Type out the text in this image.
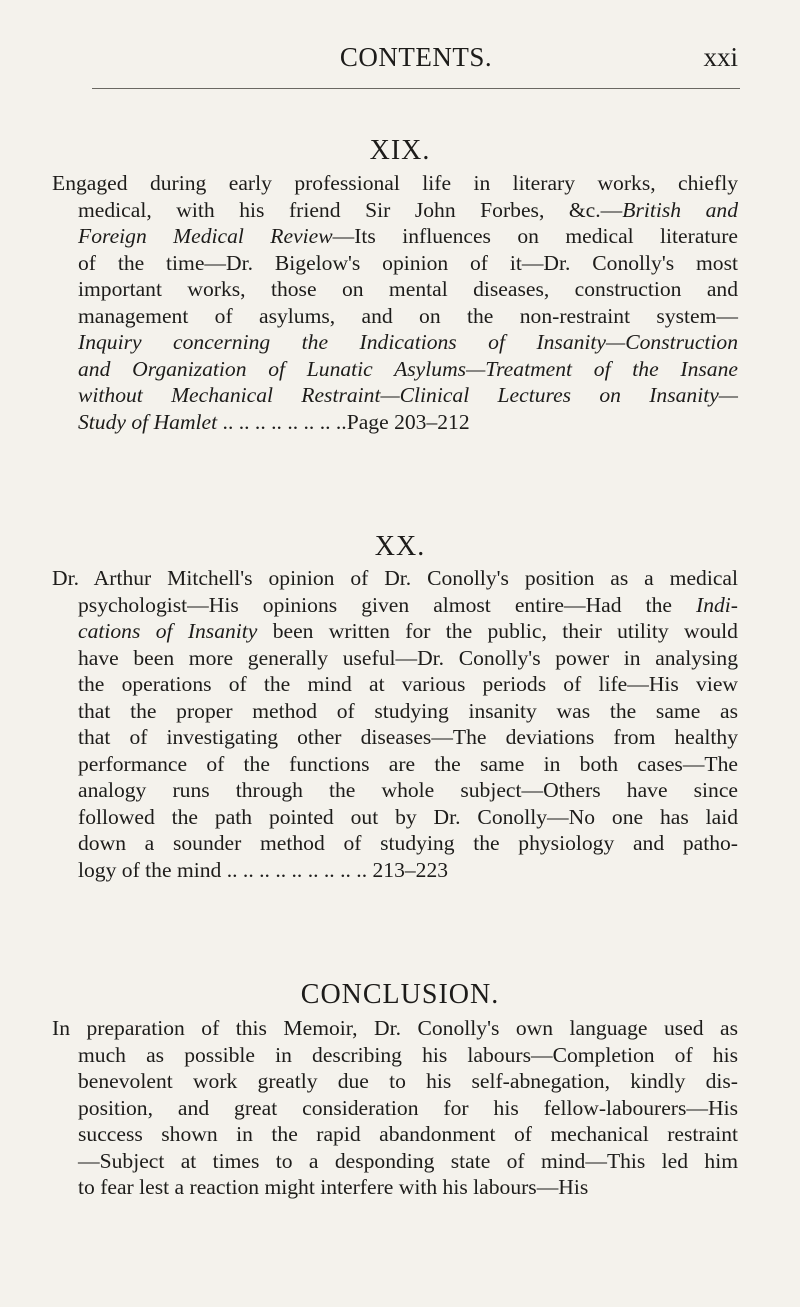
CONTENTS.	xxi
XIX.
Engaged during early professional life in literary works, chiefly
medical, with his friend Sir John Forbes, &c.—British and
Foreign Medical Review—Its influences on medical literature
of the time—Dr. Bigelow's opinion of it—Dr. Conolly's most
important works, those on mental diseases, construction and
management of asylums, and on the non-restraint system—
Inquiry concerning the Indications of Insanity—Construction
and Organization of Lunatic Asylums—Treatment of the Insane
without Mechanical Restraint—Clinical Lectures on Insanity—
Study of Hamlet .. .. .. .. .. .. .. ..Page 203–212
XX.
Dr. Arthur Mitchell's opinion of Dr. Conolly's position as a medical
psychologist—His opinions given almost entire—Had the Indi-
cations of Insanity been written for the public, their utility would
have been more generally useful—Dr. Conolly's power in analysing
the operations of the mind at various periods of life—His view
that the proper method of studying insanity was the same as
that of investigating other diseases—The deviations from healthy
performance of the functions are the same in both cases—The
analogy runs through the whole subject—Others have since
followed the path pointed out by Dr. Conolly—No one has laid
down a sounder method of studying the physiology and patho-
logy of the mind .. .. .. .. .. .. .. .. .. 213–223
CONCLUSION.
In preparation of this Memoir, Dr. Conolly's own language used as
much as possible in describing his labours—Completion of his
benevolent work greatly due to his self-abnegation, kindly dis-
position, and great consideration for his fellow-labourers—His
success shown in the rapid abandonment of mechanical restraint
—Subject at times to a desponding state of mind—This led him
to fear lest a reaction might interfere with his labours—His
